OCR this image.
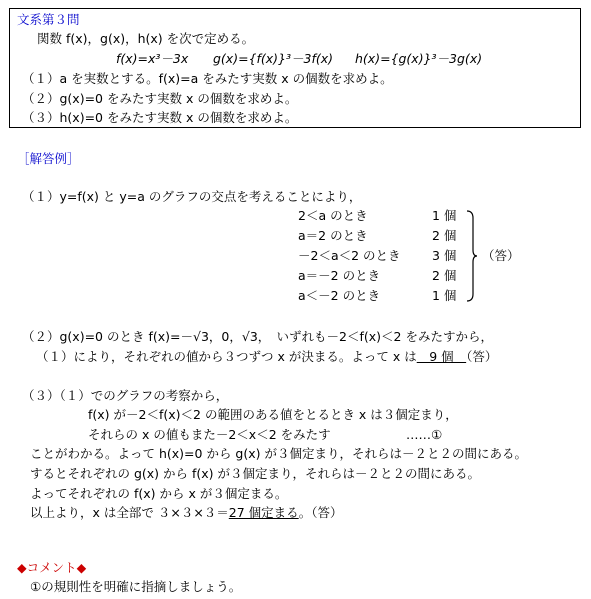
文系第３問
関数 f(x)，g(x)，h(x) を次で定める。
f(x)=x³－3x g(x)={f(x)}³－3f(x) h(x)={g(x)}³－3g(x)
（１）a を実数とする。f(x)=a をみたす実数 x の個数を求めよ。
（２）g(x)=0 をみたす実数 x の個数を求めよ。
（３）h(x)=0 をみたす実数 x の個数を求めよ。
［解答例］
（１）y=f(x) と y=a のグラフの交点を考えることにより，
2＜a のとき	1 個
a＝2 のとき	2 個
－2＜a＜2 のとき	3 個
a＝－2 のとき	2 個
a＜－2 のとき	1 個
（答）
（２）g(x)=0 のとき f(x)=－√3，0，√3，　いずれも－2＜f(x)＜2 をみたすから，
（１）により，それぞれの値から３つずつ x が決まる。よって x は　9 個　（答）
（３）（１）でのグラフの考察から，
f(x) が－2＜f(x)＜2 の範囲のある値をとるとき x は３個定まり，
それらの x の値もまた－2＜x＜2 をみたす	……①
ことがわかる。よって h(x)=0 から g(x) が３個定まり，それらは－２と２の間にある。
するとそれぞれの g(x) から f(x) が３個定まり，それらは－２と２の間にある。
よってそれぞれの f(x) から x が３個定まる。
以上より，x は全部で ３×３×３＝27 個定まる。（答）
◆コメント◆
①の規則性を明確に指摘しましょう。
